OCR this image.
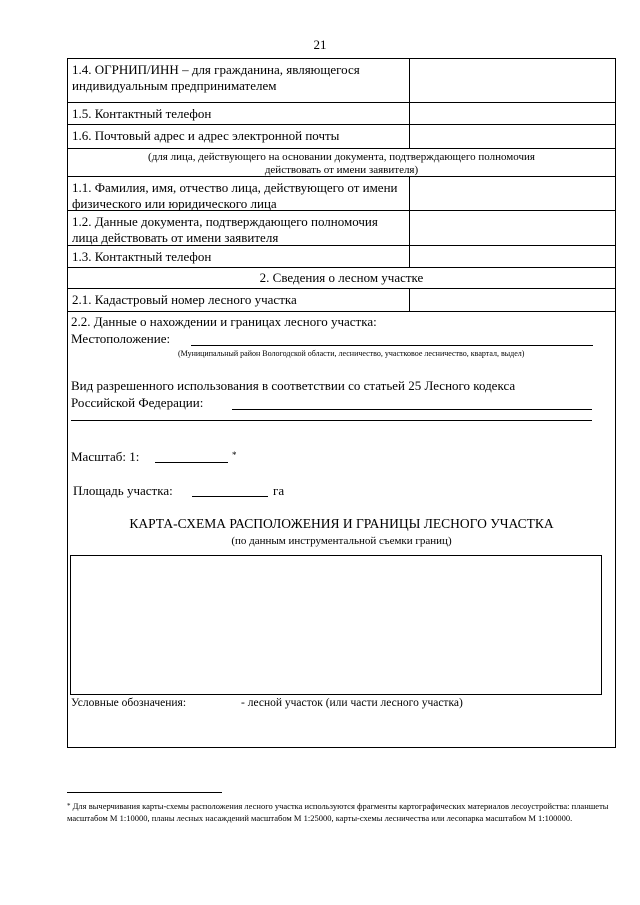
21
1.4. ОГРНИП/ИНН – для гражданина, являющегося индивидуальным предпринимателем
1.5. Контактный телефон
1.6. Почтовый адрес и адрес электронной почты
(для лица, действующего на основании документа, подтверждающего полномочия действовать от имени заявителя)
1.1. Фамилия, имя, отчество лица, действующего от имени физического или юридического лица
1.2. Данные документа, подтверждающего полномочия лица действовать от имени заявителя
1.3. Контактный телефон
2. Сведения о лесном участке
2.1. Кадастровый номер лесного участка
2.2. Данные о нахождении и границах лесного участка:
Местоположение:
(Муниципальный район Вологодской области, лесничество, участковое лесничество, квартал, выдел)
Вид разрешенного использования в соответствии со статьей 25 Лесного кодекса
Российской Федерации:
Масштаб: 1:	*
Площадь участка:	га
КАРТА-СХЕМА РАСПОЛОЖЕНИЯ И ГРАНИЦЫ ЛЕСНОГО УЧАСТКА
(по данным инструментальной съемки границ)
Условные обозначения:	- лесной участок (или части лесного участка)
* Для вычерчивания карты-схемы расположения лесного участка используются фрагменты картографических материалов лесоустройства: планшеты масштабом М 1:10000, планы лесных насаждений масштабом М 1:25000, карты-схемы лесничества или лесопарка масштабом М 1:100000.
